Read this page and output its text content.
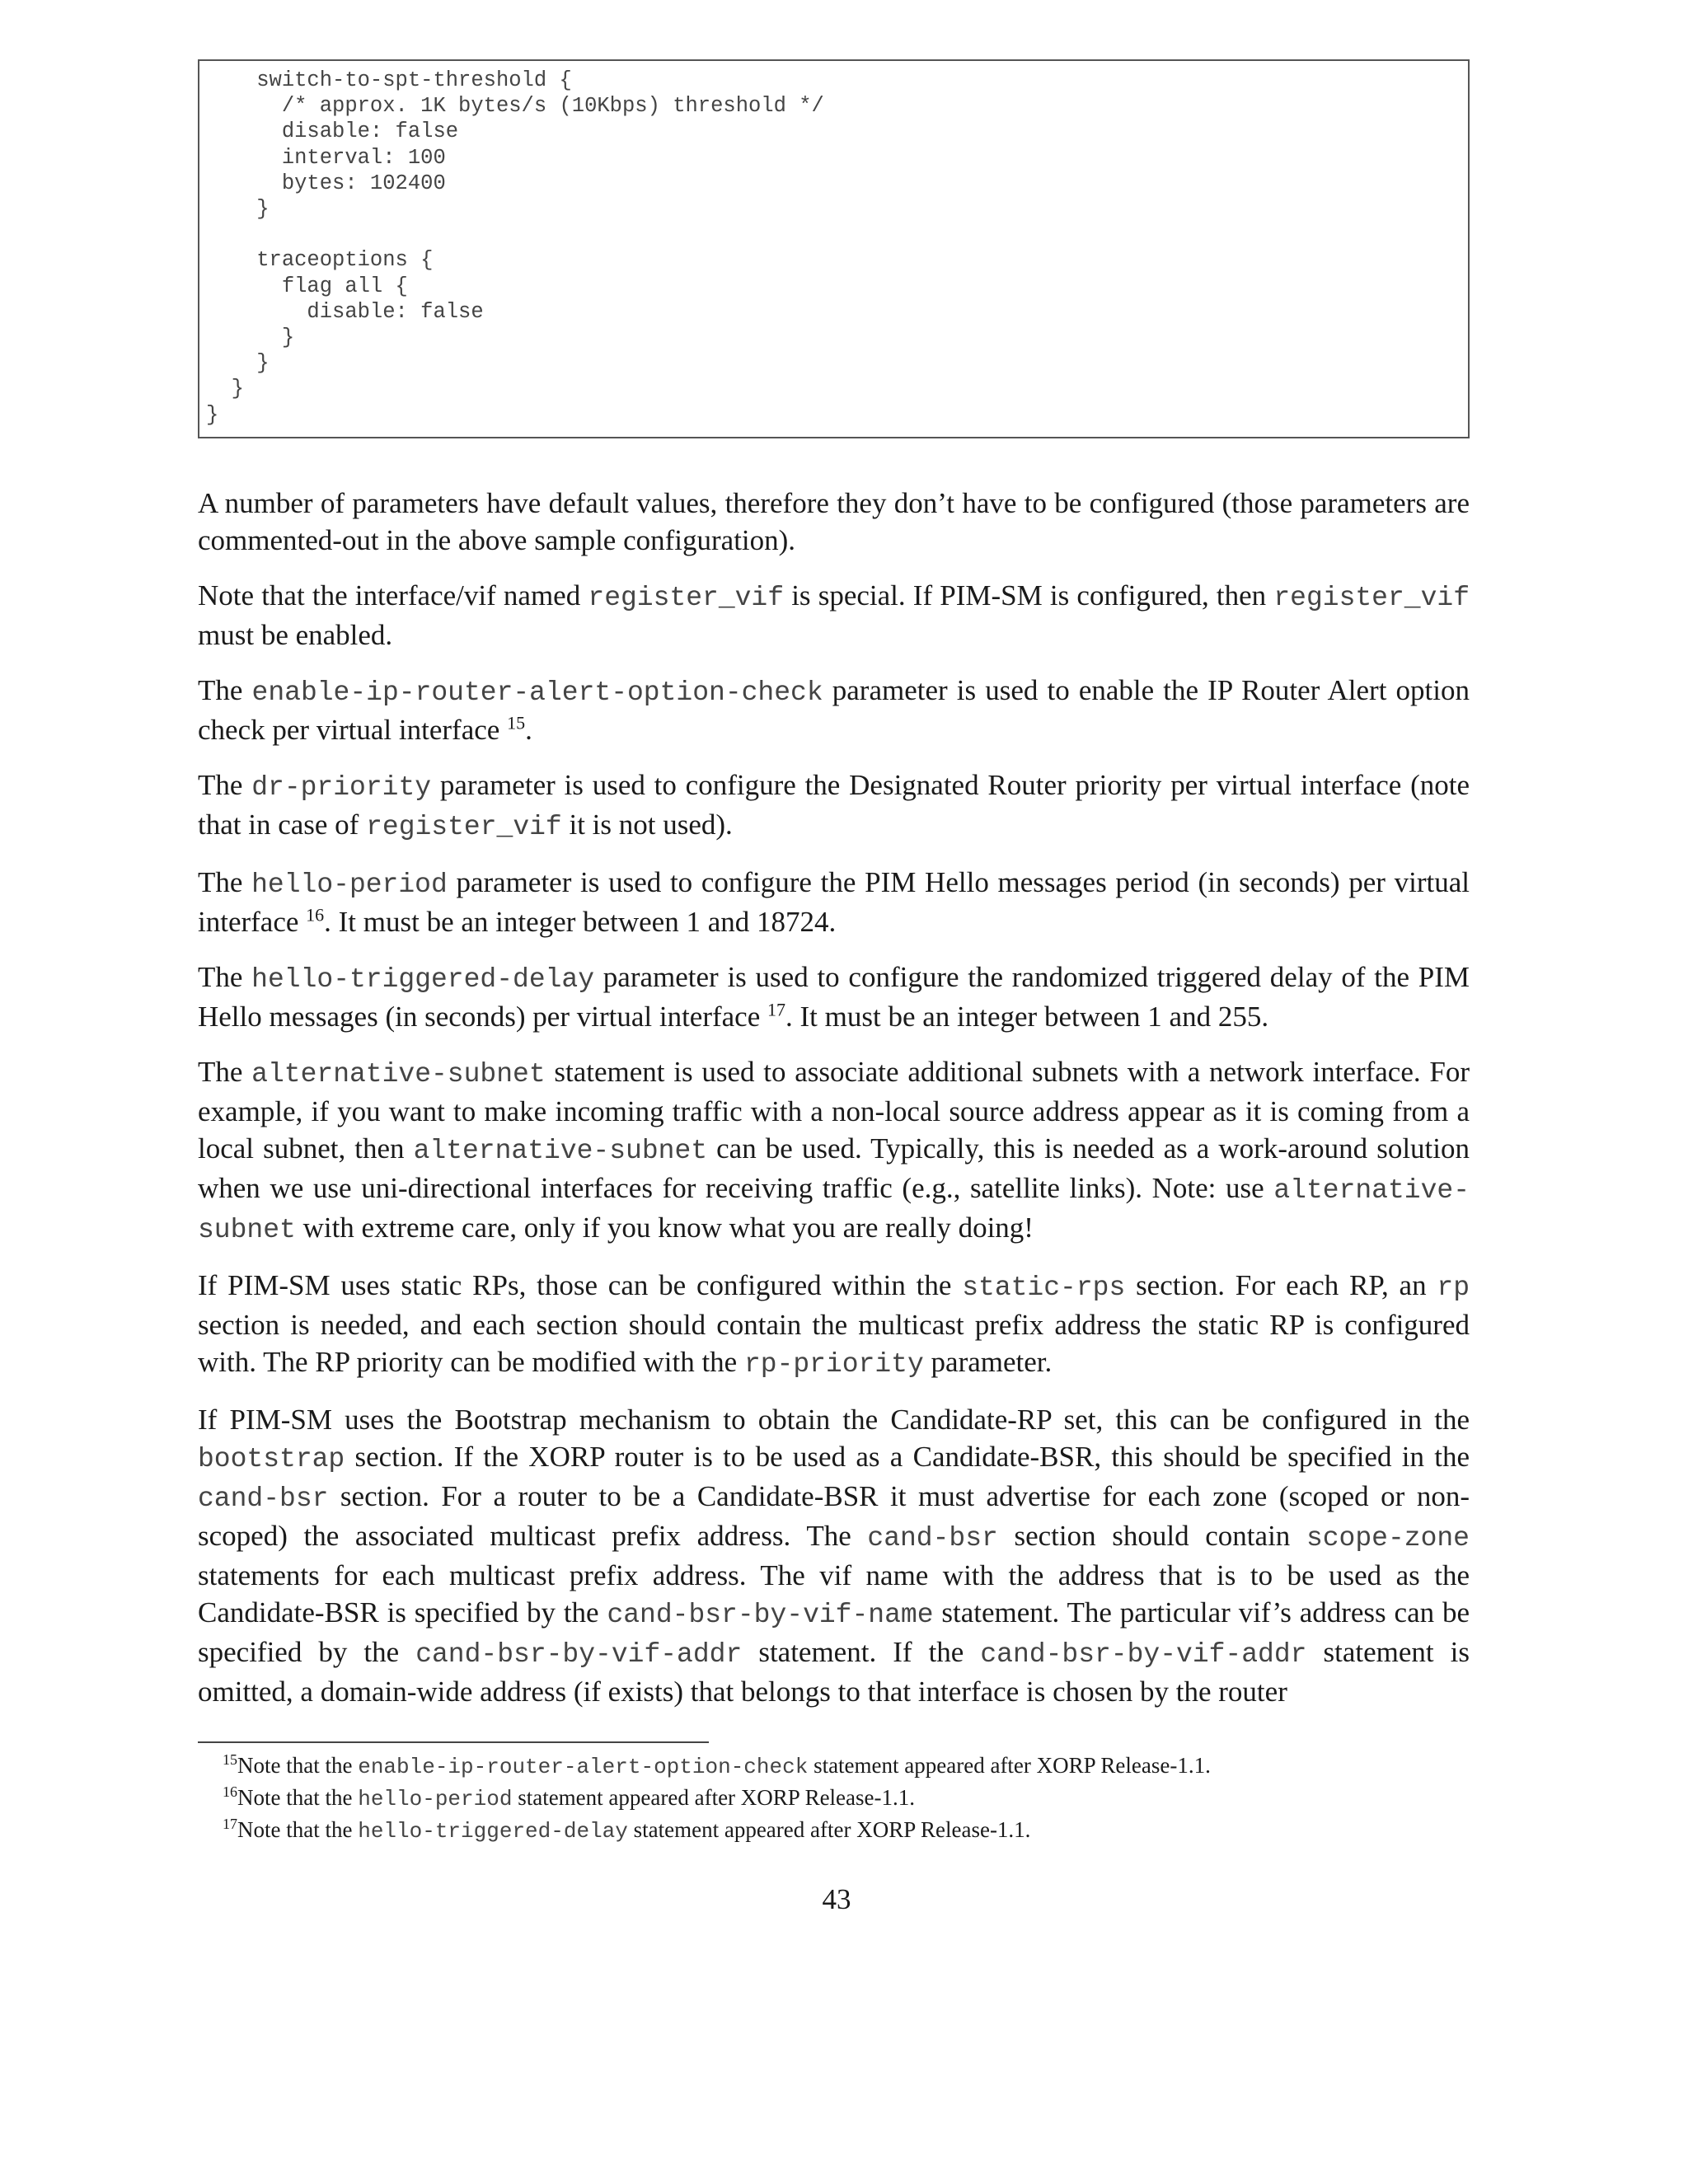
switch-to-spt-threshold {
/* approx. 1K bytes/s (10Kbps) threshold */
disable: false
interval: 100
bytes: 102400
}

traceoptions {
flag all {
disable: false
}
}
}
}

A number of parameters have default values, therefore they don’t have to be configured (those parameters are commented-out in the above sample configuration).

Note that the interface/vif named register_vif is special. If PIM-SM is configured, then register_vif must be enabled.

The enable-ip-router-alert-option-check parameter is used to enable the IP Router Alert option check per virtual interface $^{15}$.

The dr-priority parameter is used to configure the Designated Router priority per virtual interface (note that in case of register_vif it is not used).

The hello-period parameter is used to configure the PIM Hello messages period (in seconds) per virtual interface $^{16}$. It must be an integer between 1 and 18724.

The hello-triggered-delay parameter is used to configure the randomized triggered delay of the PIM Hello messages (in seconds) per virtual interface $^{17}$. It must be an integer between 1 and 255.

The alternative-subnet statement is used to associate additional subnets with a network interface. For example, if you want to make incoming traffic with a non-local source address appear as it is coming from a local subnet, then alternative-subnet can be used. Typically, this is needed as a work-around solution when we use uni-directional interfaces for receiving traffic (e.g., satellite links). Note: use alternative-subnet with extreme care, only if you know what you are really doing!

If PIM-SM uses static RPs, those can be configured within the static-rps section. For each RP, an rp section is needed, and each section should contain the multicast prefix address the static RP is configured with. The RP priority can be modified with the rp-priority parameter.

If PIM-SM uses the Bootstrap mechanism to obtain the Candidate-RP set, this can be configured in the bootstrap section. If the XORP router is to be used as a Candidate-BSR, this should be specified in the cand-bsr section. For a router to be a Candidate-BSR it must advertise for each zone (scoped or non-scoped) the associated multicast prefix address. The cand-bsr section should contain scope-zone statements for each multicast prefix address. The vif name with the address that is to be used as the Candidate-BSR is specified by the cand-bsr-by-vif-name statement. The particular vif’s address can be specified by the cand-bsr-by-vif-addr statement. If the cand-bsr-by-vif-addr statement is omitted, a domain-wide address (if exists) that belongs to that interface is chosen by the router

$^{15}$Note that the enable-ip-router-alert-option-check statement appeared after XORP Release-1.1.

$^{16}$Note that the hello-period statement appeared after XORP Release-1.1.

$^{17}$Note that the hello-triggered-delay statement appeared after XORP Release-1.1.

43
